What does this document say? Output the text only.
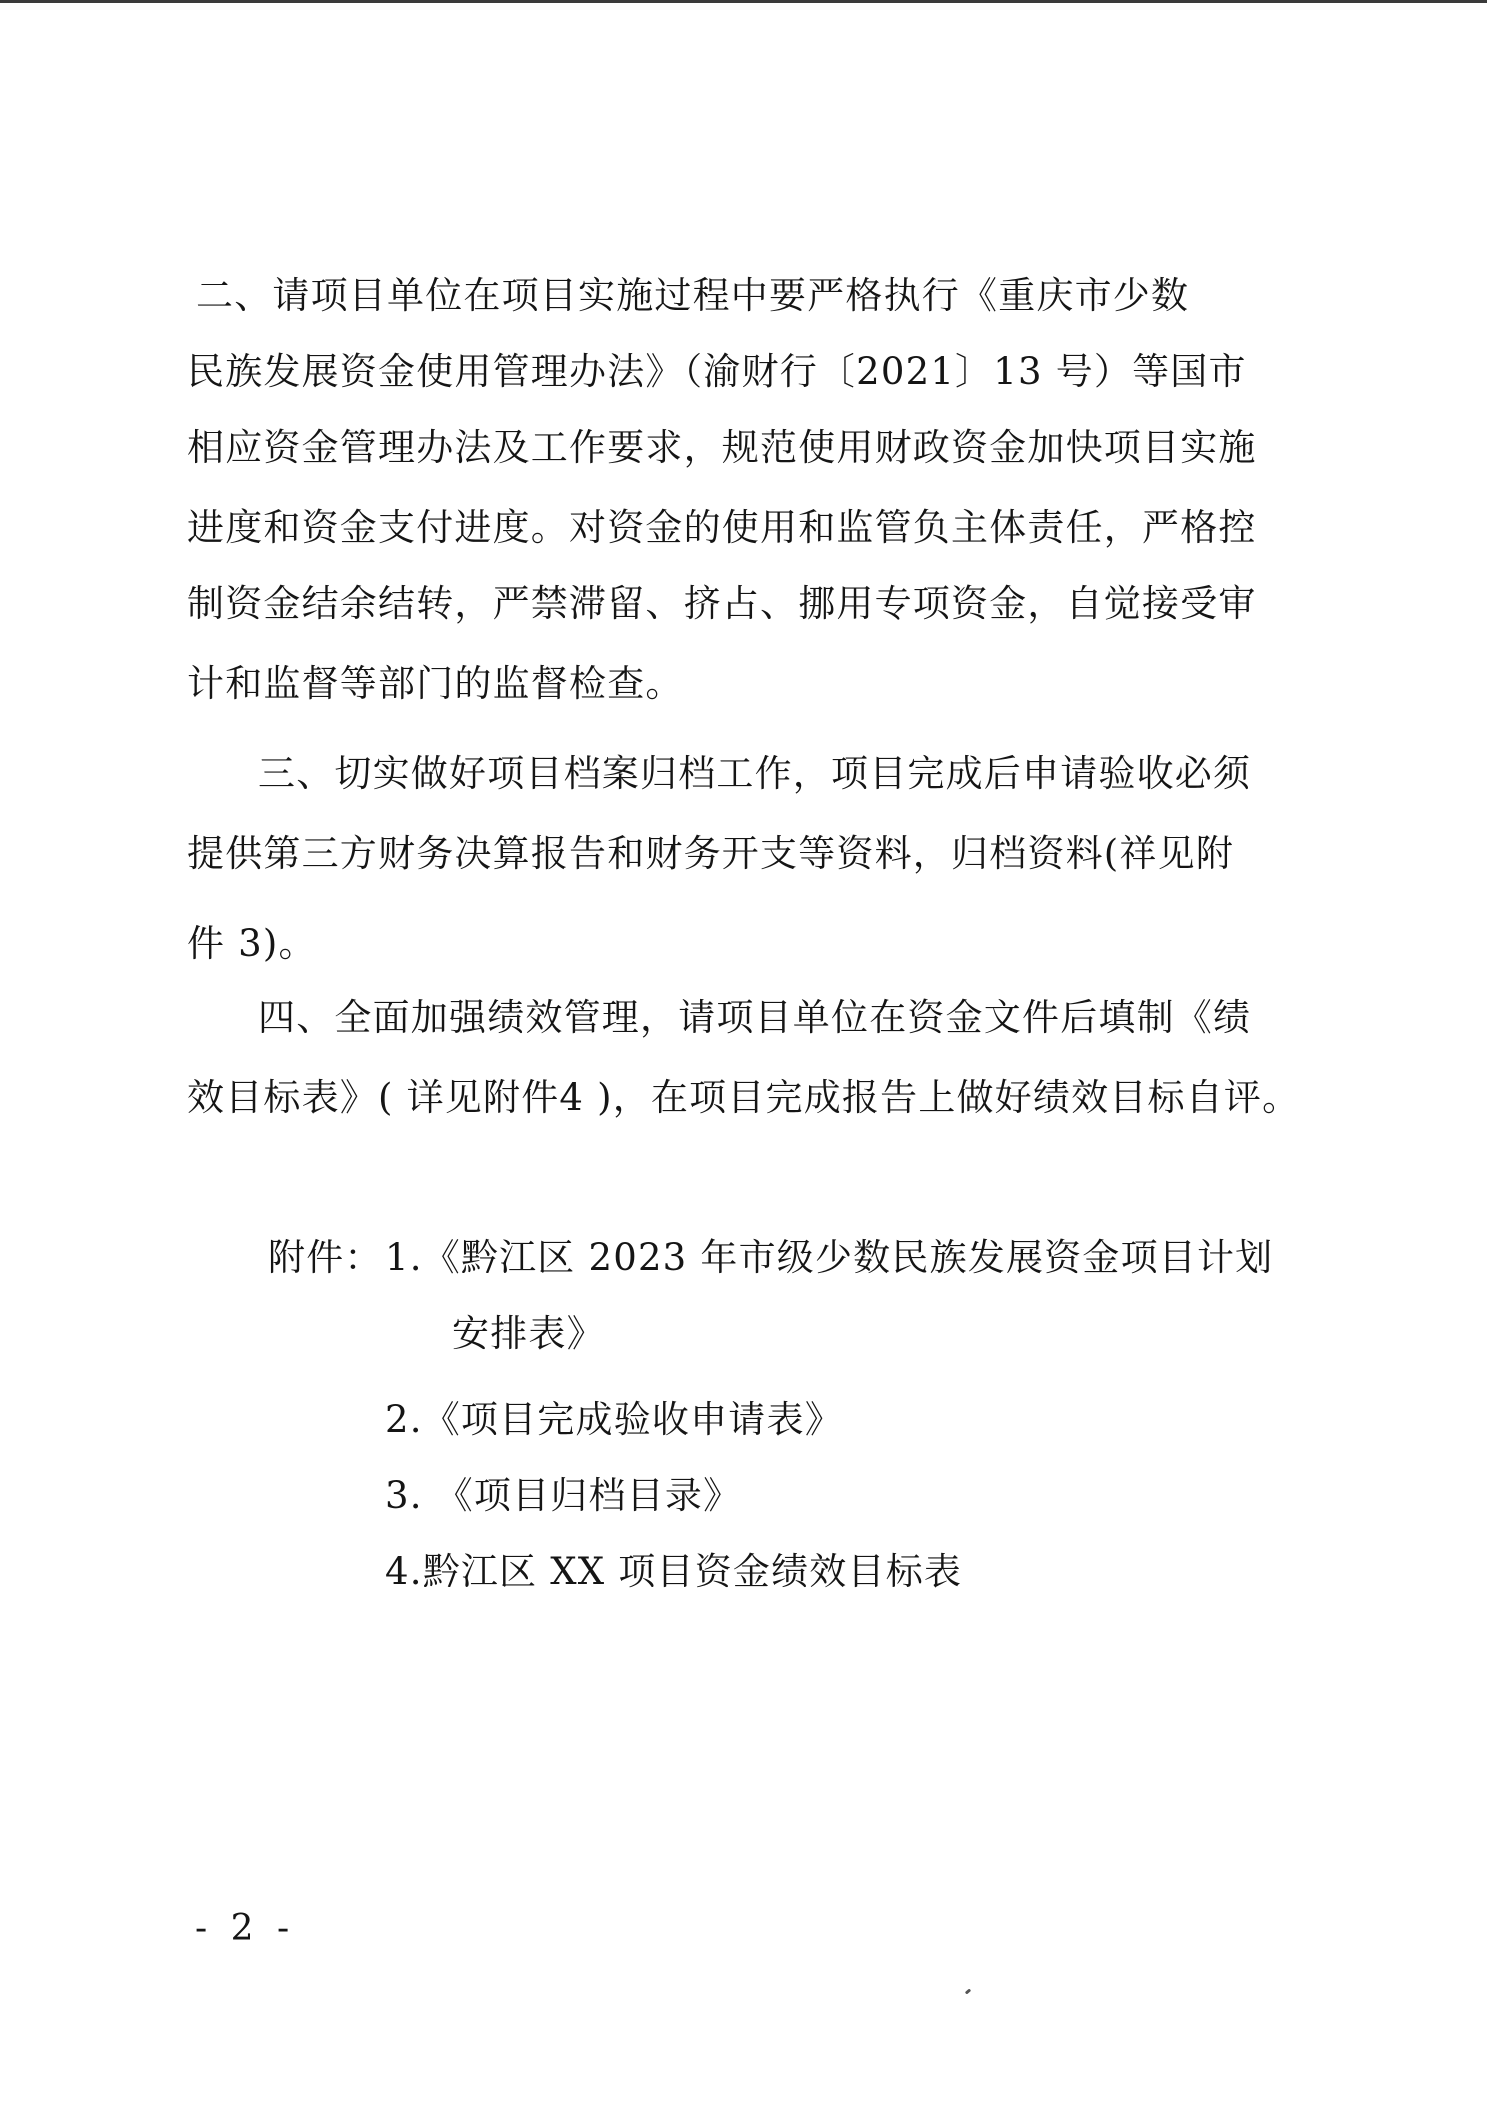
二、请项目单位在项目实施过程中要严格执行《重庆市少数
民族发展资金使用管理办法》（渝财行〔2021〕13 号）等国市
相应资金管理办法及工作要求，规范使用财政资金加快项目实施
进度和资金支付进度。对资金的使用和监管负主体责任，严格控
制资金结余结转，严禁滞留、挤占、挪用专项资金，自觉接受审
计和监督等部门的监督检查。
三、切实做好项目档案归档工作，项目完成后申请验收必须
提供第三方财务决算报告和财务开支等资料，归档资料(祥见附
件 3)。
四、全面加强绩效管理，请项目单位在资金文件后填制《绩
效目标表》( 详见附件4 )，在项目完成报告上做好绩效目标自评。
附件： 1.《黔江区 2023 年市级少数民族发展资金项目计划
安排表》
2.《项目完成验收申请表》
3. 《项目归档目录》
4.黔江区 XX 项目资金绩效目标表
- 2 -
